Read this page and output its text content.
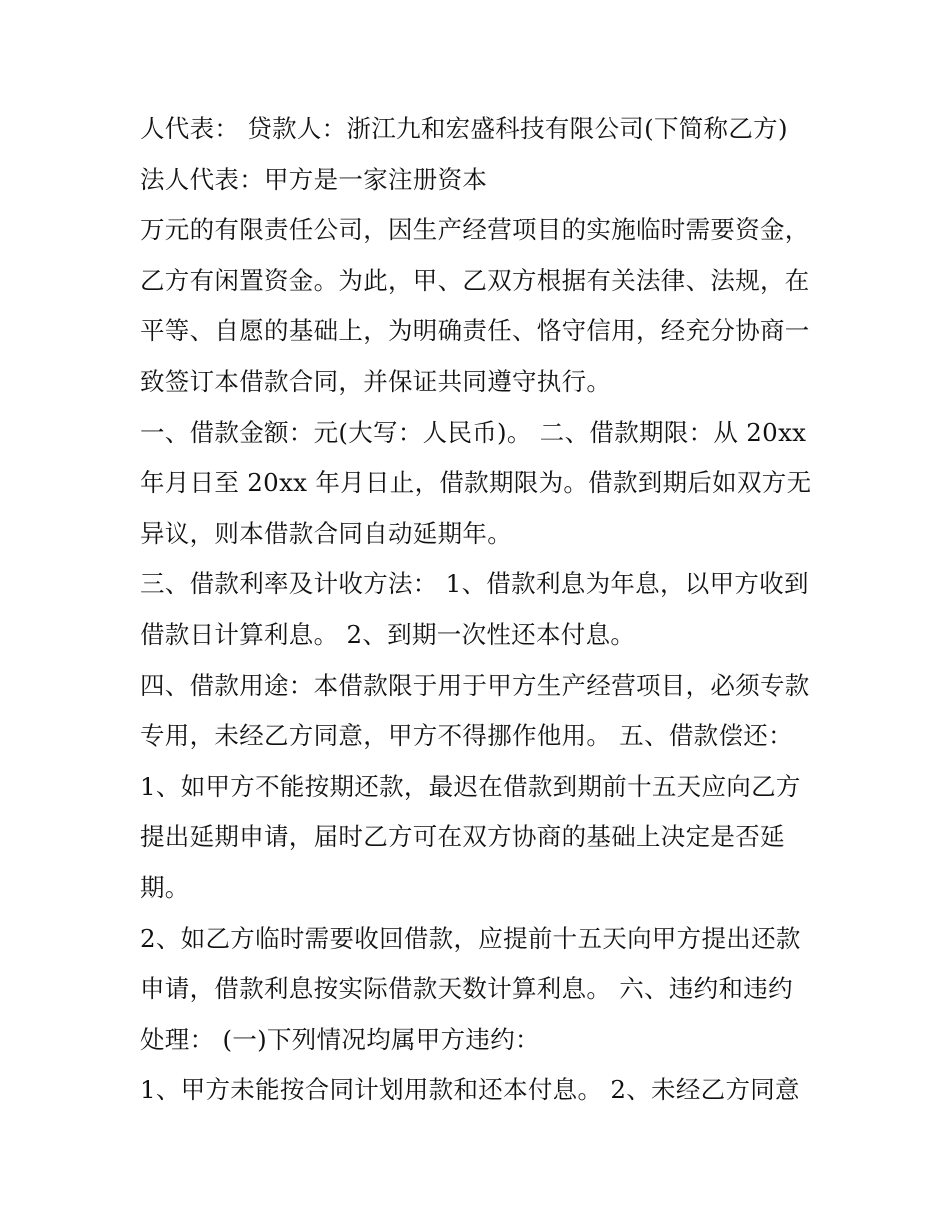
人代表： 贷款人：浙江九和宏盛科技有限公司(下简称乙方)
法人代表：甲方是一家注册资本
万元的有限责任公司，因生产经营项目的实施临时需要资金，
乙方有闲置资金。为此，甲、乙双方根据有关法律、法规，在
平等、自愿的基础上，为明确责任、恪守信用，经充分协商一
致签订本借款合同，并保证共同遵守执行。
一、借款金额：元(大写：人民币)。 二、借款期限：从 20xx
年月日至 20xx 年月日止，借款期限为。借款到期后如双方无
异议，则本借款合同自动延期年。
三、借款利率及计收方法： 1、借款利息为年息，以甲方收到
借款日计算利息。 2、到期一次性还本付息。
四、借款用途：本借款限于用于甲方生产经营项目，必须专款
专用，未经乙方同意，甲方不得挪作他用。 五、借款偿还：
1、如甲方不能按期还款，最迟在借款到期前十五天应向乙方
提出延期申请，届时乙方可在双方协商的基础上决定是否延
期。
2、如乙方临时需要收回借款，应提前十五天向甲方提出还款
申请，借款利息按实际借款天数计算利息。 六、违约和违约
处理： (一)下列情况均属甲方违约：
1、甲方未能按合同计划用款和还本付息。 2、未经乙方同意
